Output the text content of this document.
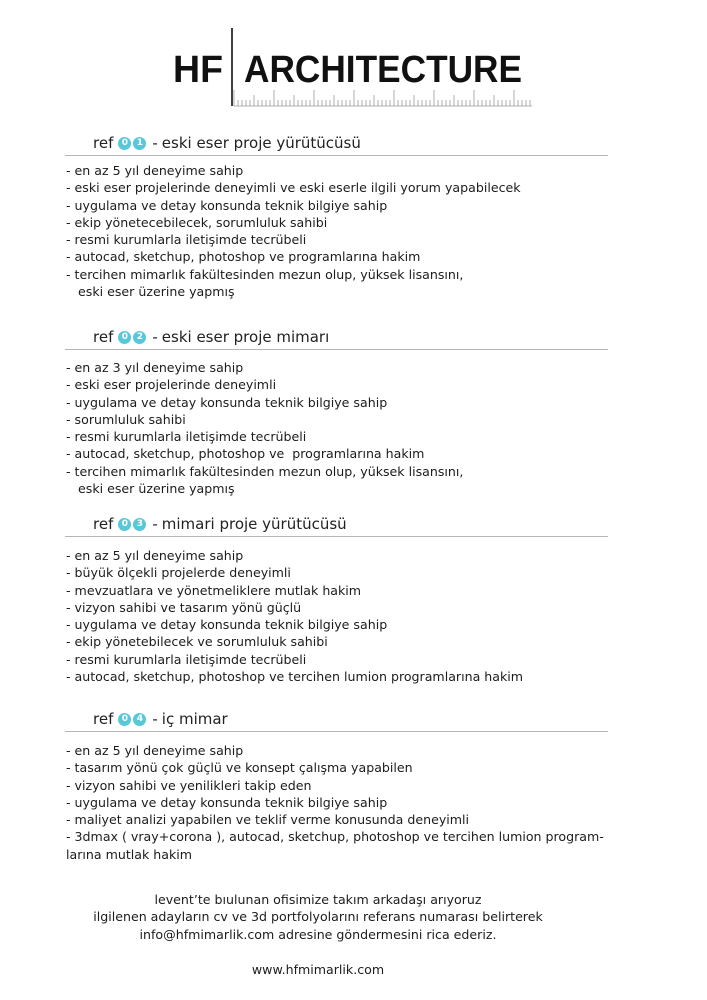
HF ARCHITECTURE
ref 0 1 - eski eser proje yürütücüsü
- en az 5 yıl deneyime sahip
- eski eser projelerinde deneyimli ve eski eserle ilgili yorum yapabilecek
- uygulama ve detay konsunda teknik bilgiye sahip
- ekip yönetecebilecek, sorumluluk sahibi
- resmi kurumlarla iletişimde tecrübeli
- autocad, sketchup, photoshop ve programlarına hakim
- tercihen mimarlık fakültesinden mezun olup, yüksek lisansını,
eski eser üzerine yapmış
ref 0 2 - eski eser proje mimarı
- en az 3 yıl deneyime sahip
- eski eser projelerinde deneyimli
- uygulama ve detay konsunda teknik bilgiye sahip
- sorumluluk sahibi
- resmi kurumlarla iletişimde tecrübeli
- autocad, sketchup, photoshop ve  programlarına hakim
- tercihen mimarlık fakültesinden mezun olup, yüksek lisansını,
eski eser üzerine yapmış
ref 0 3 - mimari proje yürütücüsü
- en az 5 yıl deneyime sahip
- büyük ölçekli projelerde deneyimli
- mevzuatlara ve yönetmeliklere mutlak hakim
- vizyon sahibi ve tasarım yönü güçlü
- uygulama ve detay konsunda teknik bilgiye sahip
- ekip yönetebilecek ve sorumluluk sahibi
- resmi kurumlarla iletişimde tecrübeli
- autocad, sketchup, photoshop ve tercihen lumion programlarına hakim
ref 0 4 - iç mimar
- en az 5 yıl deneyime sahip
- tasarım yönü çok güçlü ve konsept çalışma yapabilen
- vizyon sahibi ve yenilikleri takip eden
- uygulama ve detay konsunda teknik bilgiye sahip
- maliyet analizi yapabilen ve teklif verme konusunda deneyimli
- 3dmax ( vray+corona ), autocad, sketchup, photoshop ve tercihen lumion program-
larına mutlak hakim
levent’te bıulunan ofisimize takım arkadaşı arıyoruz
ilgilenen adayların cv ve 3d portfolyolarını referans numarası belirterek
info@hfmimarlik.com adresine göndermesini rica ederiz.
www.hfmimarlik.com
